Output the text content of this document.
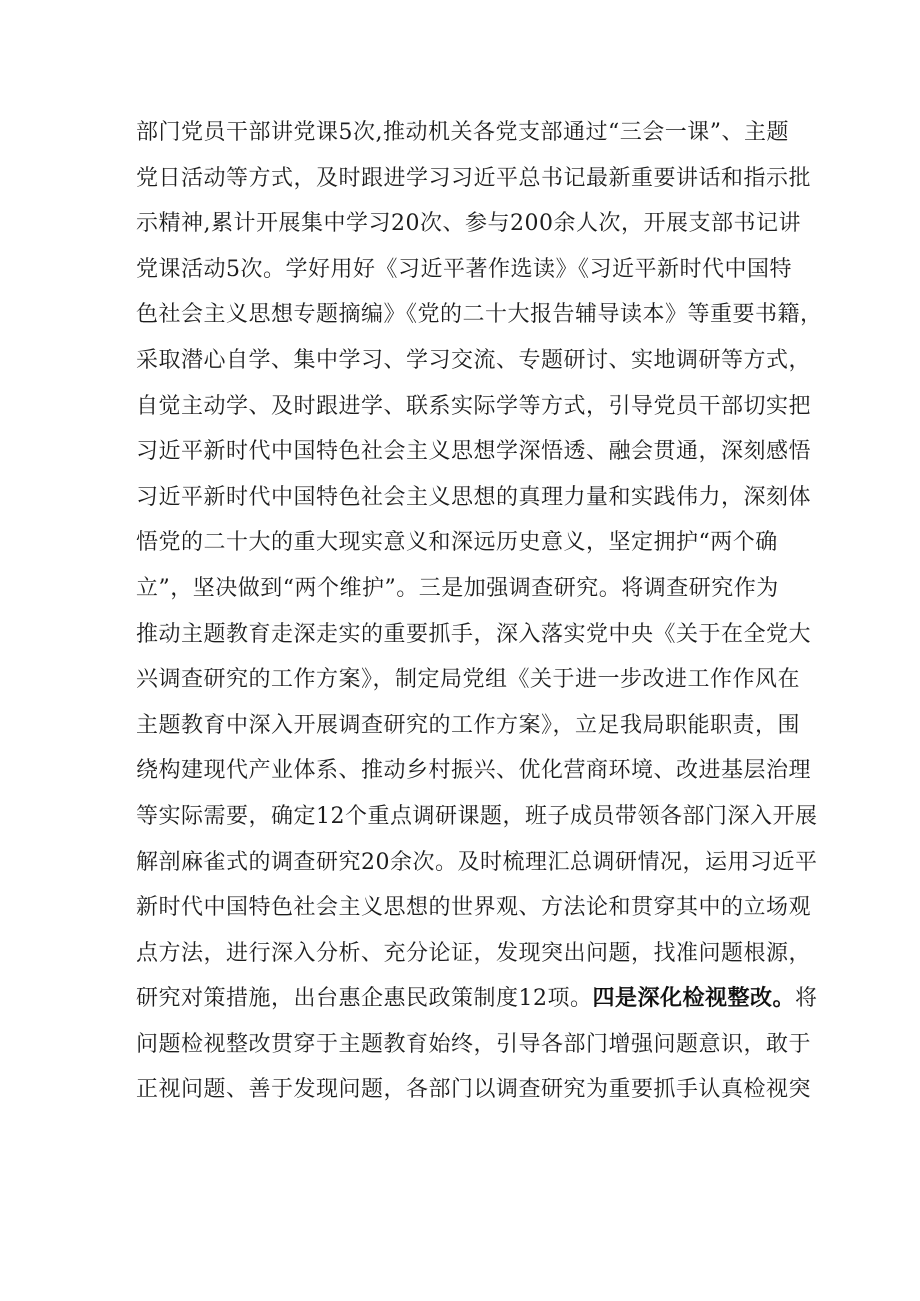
部门党员干部讲党课5次,推动机关各党支部通过“三会一课”、主题
党日活动等方式，及时跟进学习习近平总书记最新重要讲话和指示批
示精神,累计开展集中学习20次、参与200余人次，开展支部书记讲
党课活动5次。学好用好《习近平著作选读》《习近平新时代中国特
色社会主义思想专题摘编》《党的二十大报告辅导读本》等重要书籍，
采取潜心自学、集中学习、学习交流、专题研讨、实地调研等方式，
自觉主动学、及时跟进学、联系实际学等方式，引导党员干部切实把
习近平新时代中国特色社会主义思想学深悟透、融会贯通，深刻感悟
习近平新时代中国特色社会主义思想的真理力量和实践伟力，深刻体
悟党的二十大的重大现实意义和深远历史意义，坚定拥护“两个确
立”，坚决做到“两个维护”。三是加强调查研究。将调查研究作为
推动主题教育走深走实的重要抓手，深入落实党中央《关于在全党大
兴调查研究的工作方案》，制定局党组《关于进一步改进工作作风在
主题教育中深入开展调查研究的工作方案》，立足我局职能职责，围
绕构建现代产业体系、推动乡村振兴、优化营商环境、改进基层治理
等实际需要，确定12个重点调研课题，班子成员带领各部门深入开展
解剖麻雀式的调查研究20余次。及时梳理汇总调研情况，运用习近平
新时代中国特色社会主义思想的世界观、方法论和贯穿其中的立场观
点方法，进行深入分析、充分论证，发现突出问题，找准问题根源，
研究对策措施，出台惠企惠民政策制度12项。四是深化检视整改。将
问题检视整改贯穿于主题教育始终，引导各部门增强问题意识，敢于
正视问题、善于发现问题，各部门以调查研究为重要抓手认真检视突
